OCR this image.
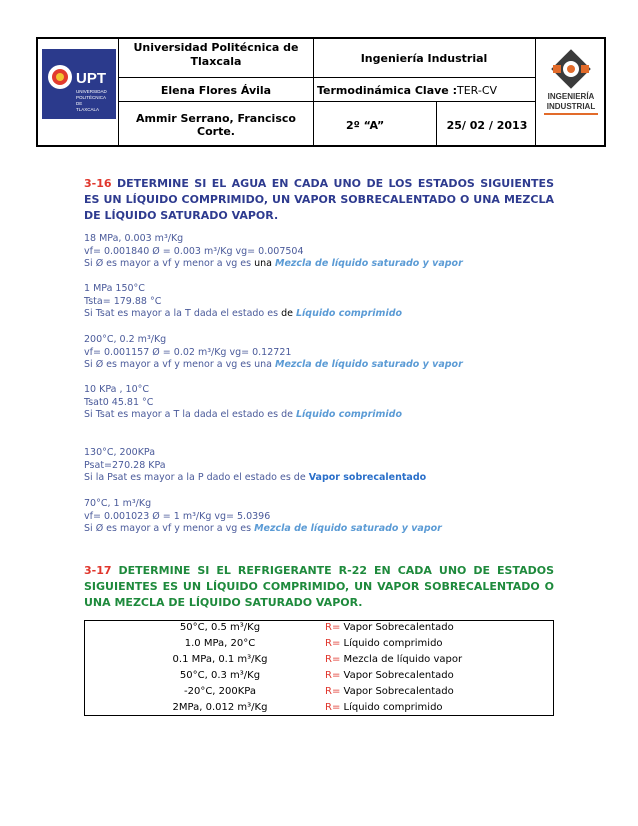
UPT
UNIVERSIDAD
POLITÉCNICA
DE
TLAXCALA
INGENIERÍA
INDUSTRIAL
Universidad Politécnica de Tlaxcala	Ingeniería Industrial
Elena Flores Ávila	Termodinámica Clave :TER-CV
Ammir Serrano, Francisco Corte.	2º “A”	25/ 02 / 2013
3-16 DETERMINE SI EL AGUA EN CADA UNO DE LOS ESTADOS SIGUIENTES ES UN LÍQUIDO COMPRIMIDO, UN VAPOR SOBRECALENTADO O UNA MEZCLA DE LÍQUIDO SATURADO VAPOR.
18 MPa, 0.003 m³/Kg
vf= 0.001840 Ø = 0.003 m³/Kg vg= 0.007504
Si Ø es mayor a vf y menor a vg es una Mezcla de líquido saturado y vapor
1 MPa 150°C
Tsta= 179.88 °C
Si Tsat es mayor a la T dada el estado es de Líquido comprimido
200°C, 0.2 m³/Kg
vf= 0.001157 Ø = 0.02 m³/Kg vg= 0.12721
Si Ø es mayor a vf y menor a vg es una Mezcla de líquido saturado y vapor
10 KPa , 10°C
Tsat0 45.81 °C
Si Tsat es mayor a T la dada el estado es de Líquido comprimido
130°C, 200KPa
Psat=270.28 KPa
Si la Psat es mayor a la P dado el estado es de Vapor sobrecalentado
70°C, 1 m³/Kg
vf= 0.001023 Ø = 1 m³/Kg vg= 5.0396
Si Ø es mayor a vf y menor a vg es Mezcla de líquido saturado y vapor
3-17 DETERMINE SI EL REFRIGERANTE R-22 EN CADA UNO DE ESTADOS SIGUIENTES ES UN LÍQUIDO COMPRIMIDO, UN VAPOR SOBRECALENTADO O UNA MEZCLA DE LÍQUIDO SATURADO VAPOR.
50°C, 0.5 m³/Kg	R= Vapor Sobrecalentado
1.0 MPa, 20°C	R= Líquido comprimido
0.1 MPa, 0.1 m³/Kg	R= Mezcla de líquido vapor
50°C, 0.3 m³/Kg	R= Vapor Sobrecalentado
-20°C, 200KPa	R= Vapor Sobrecalentado
2MPa, 0.012 m³/Kg	R= Líquido comprimido
